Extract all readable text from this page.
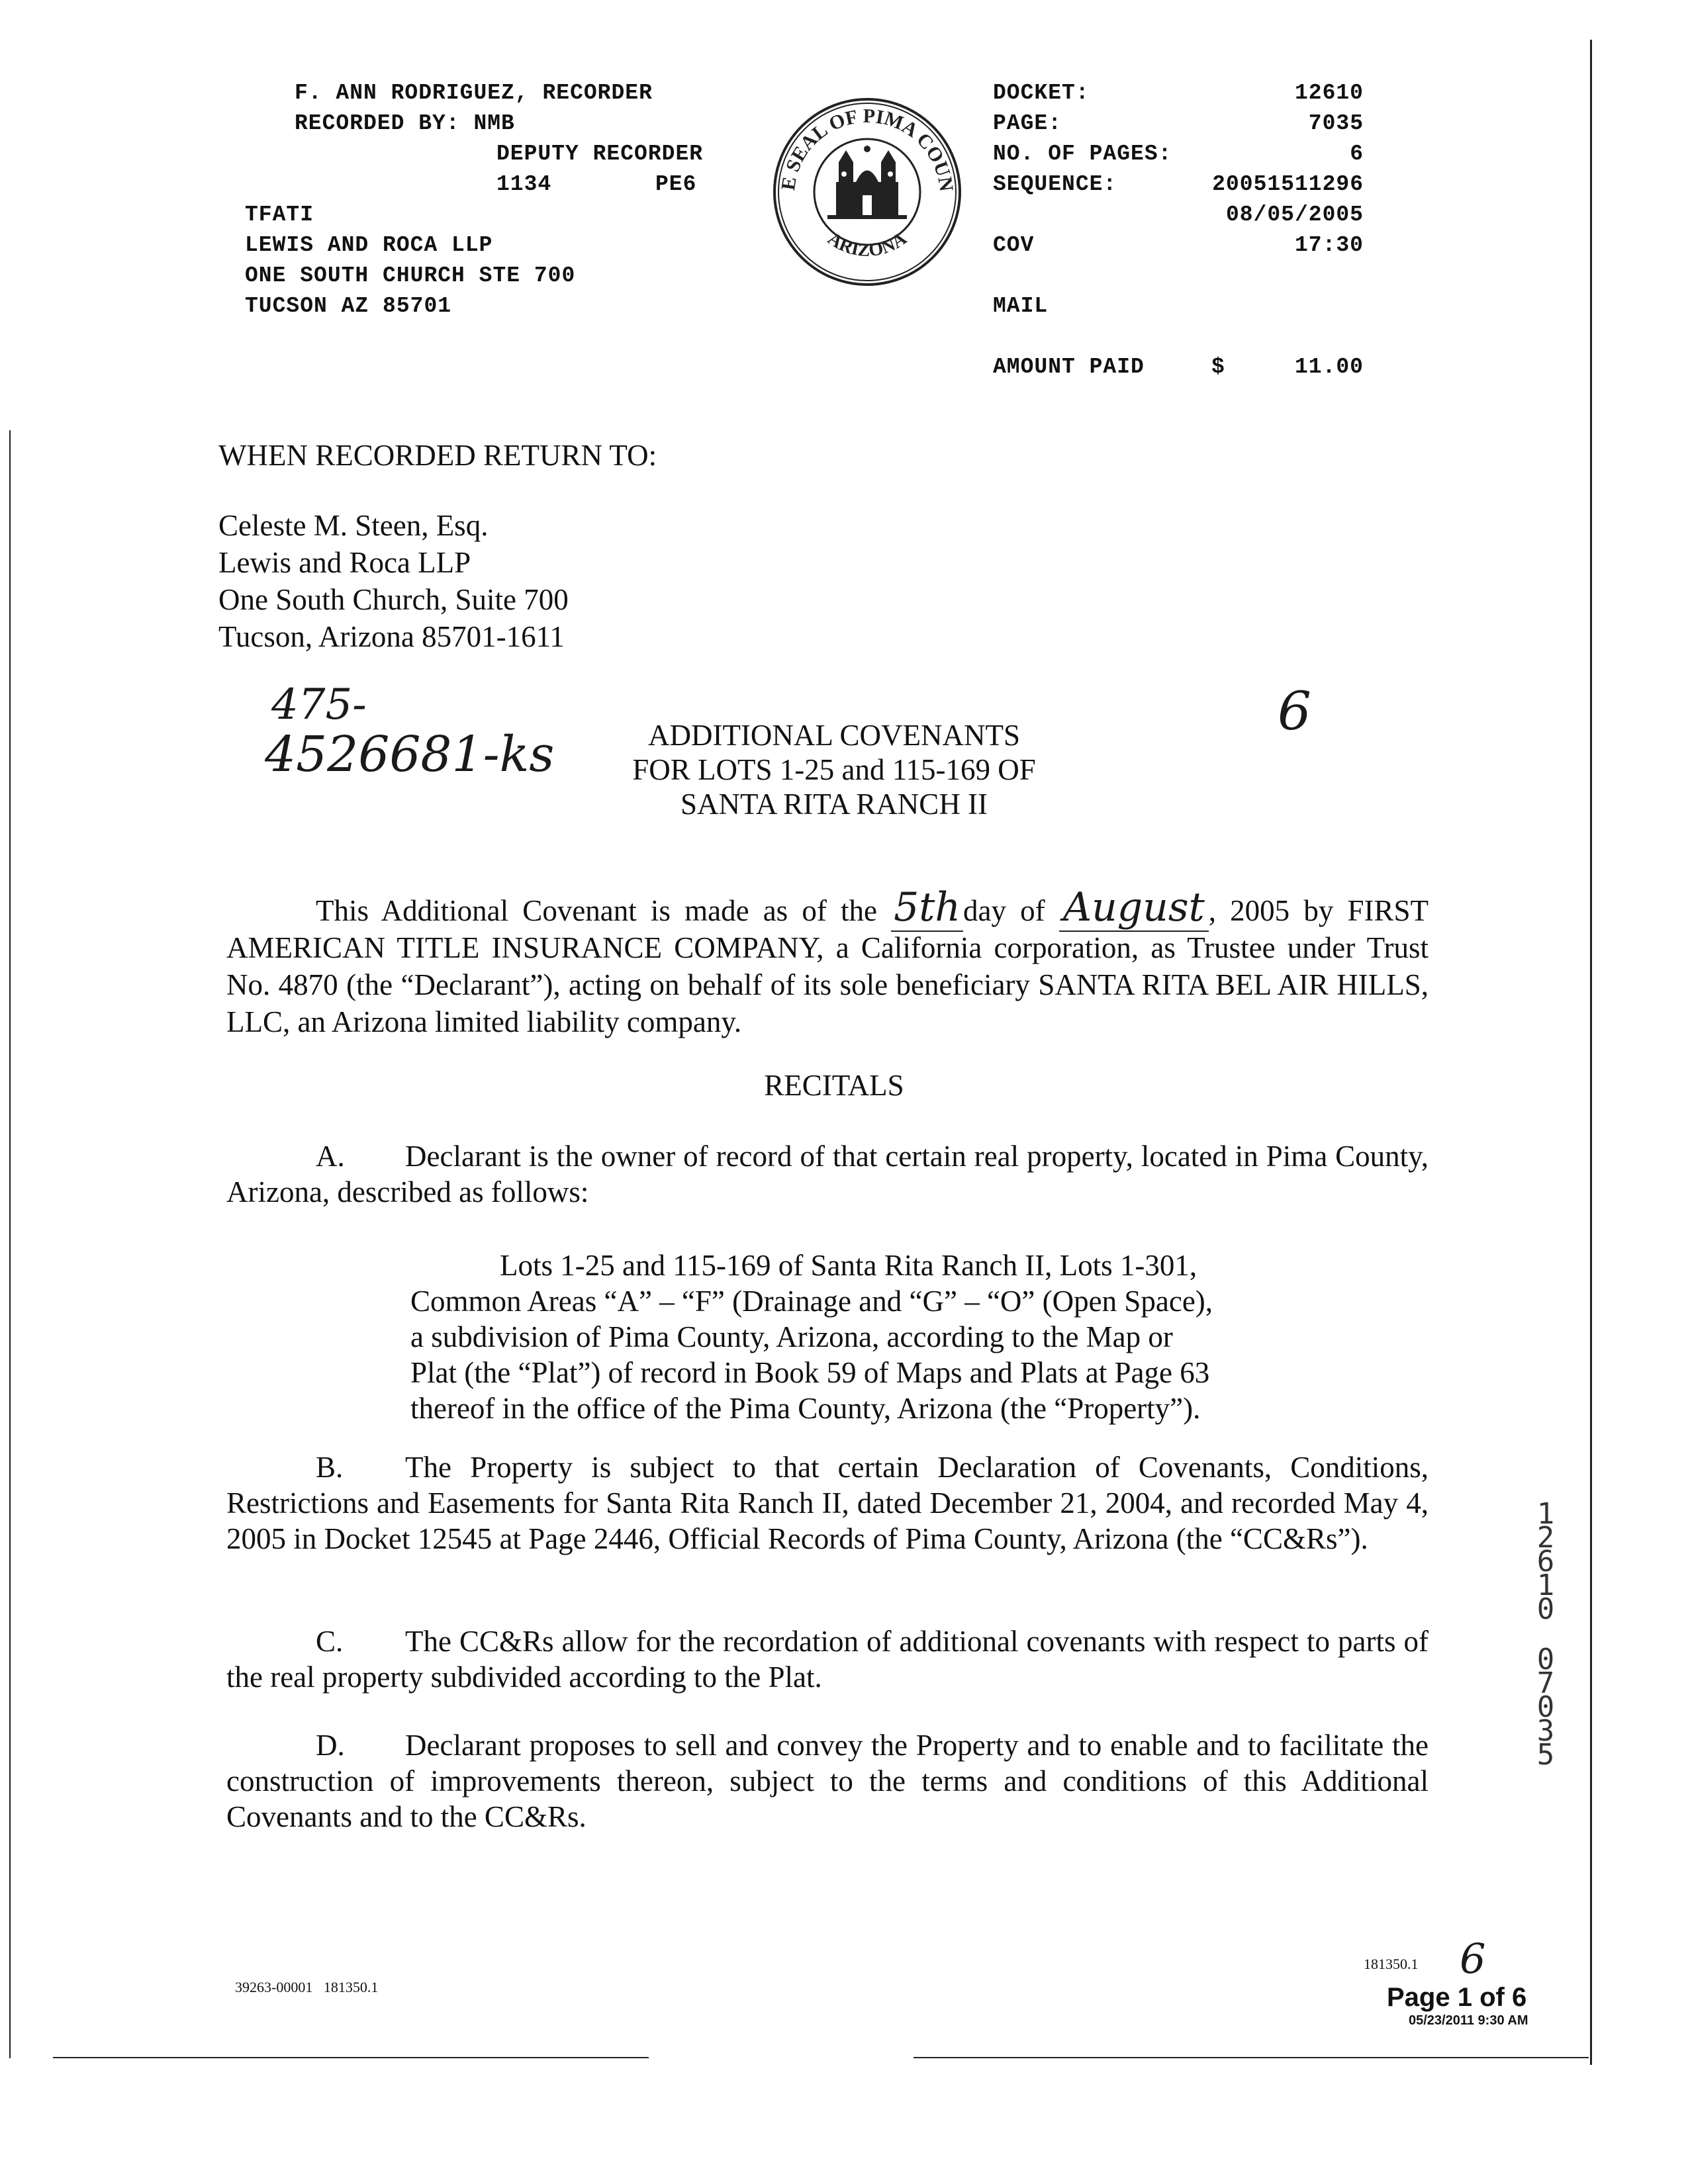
F. ANN RODRIGUEZ, RECORDER
RECORDED BY: NMB
DEPUTY RECORDER
1134	PE6
TFATI
LEWIS AND ROCA LLP
ONE SOUTH CHURCH STE 700
TUCSON AZ 85701
E SEAL OF PIMA COUN
ARIZONA
DOCKET:	12610
PAGE:	7035
NO. OF PAGES:	6
SEQUENCE:	20051511296
08/05/2005
COV	17:30
MAIL
AMOUNT PAID	$	11.00
WHEN RECORDED RETURN TO:
Celeste M. Steen, Esq.
Lewis and Roca LLP
One South Church, Suite 700
Tucson, Arizona 85701-1611
475-
4526681-ks
6
ADDITIONAL COVENANTS
FOR LOTS 1-25 and 115-169 OF
SANTA RITA RANCH II
This Additional Covenant is made as of the 5thday of August , 2005 by FIRST AMERICAN TITLE INSURANCE COMPANY, a California corporation, as Trustee under Trust No. 4870 (the “Declarant”), acting on behalf of its sole beneficiary SANTA RITA BEL AIR HILLS, LLC, an Arizona limited liability company.
RECITALS
A. Declarant is the owner of record of that certain real property, located in Pima County, Arizona, described as follows:
Lots 1-25 and 115-169 of Santa Rita Ranch II, Lots 1-301,
Common Areas “A” – “F” (Drainage and “G” – “O” (Open Space),
a subdivision of Pima County, Arizona, according to the Map or
Plat (the “Plat”) of record in Book 59 of Maps and Plats at Page 63
thereof in the office of the Pima County, Arizona (the “Property”).
B. The Property is subject to that certain Declaration of Covenants, Conditions, Restrictions and Easements for Santa Rita Ranch II, dated December 21, 2004, and recorded May 4, 2005 in Docket 12545 at Page 2446, Official Records of Pima County, Arizona (the “CC&Rs”).
C. The CC&Rs allow for the recordation of additional covenants with respect to parts of the real property subdivided according to the Plat.
D. Declarant proposes to sell and convey the Property and to enable and to facilitate the construction of improvements thereon, subject to the terms and conditions of this Additional Covenants and to the CC&Rs.
12610
07035
39263-00001   181350.1
181350.1 6
Page 1 of 6
05/23/2011 9:30 AM
